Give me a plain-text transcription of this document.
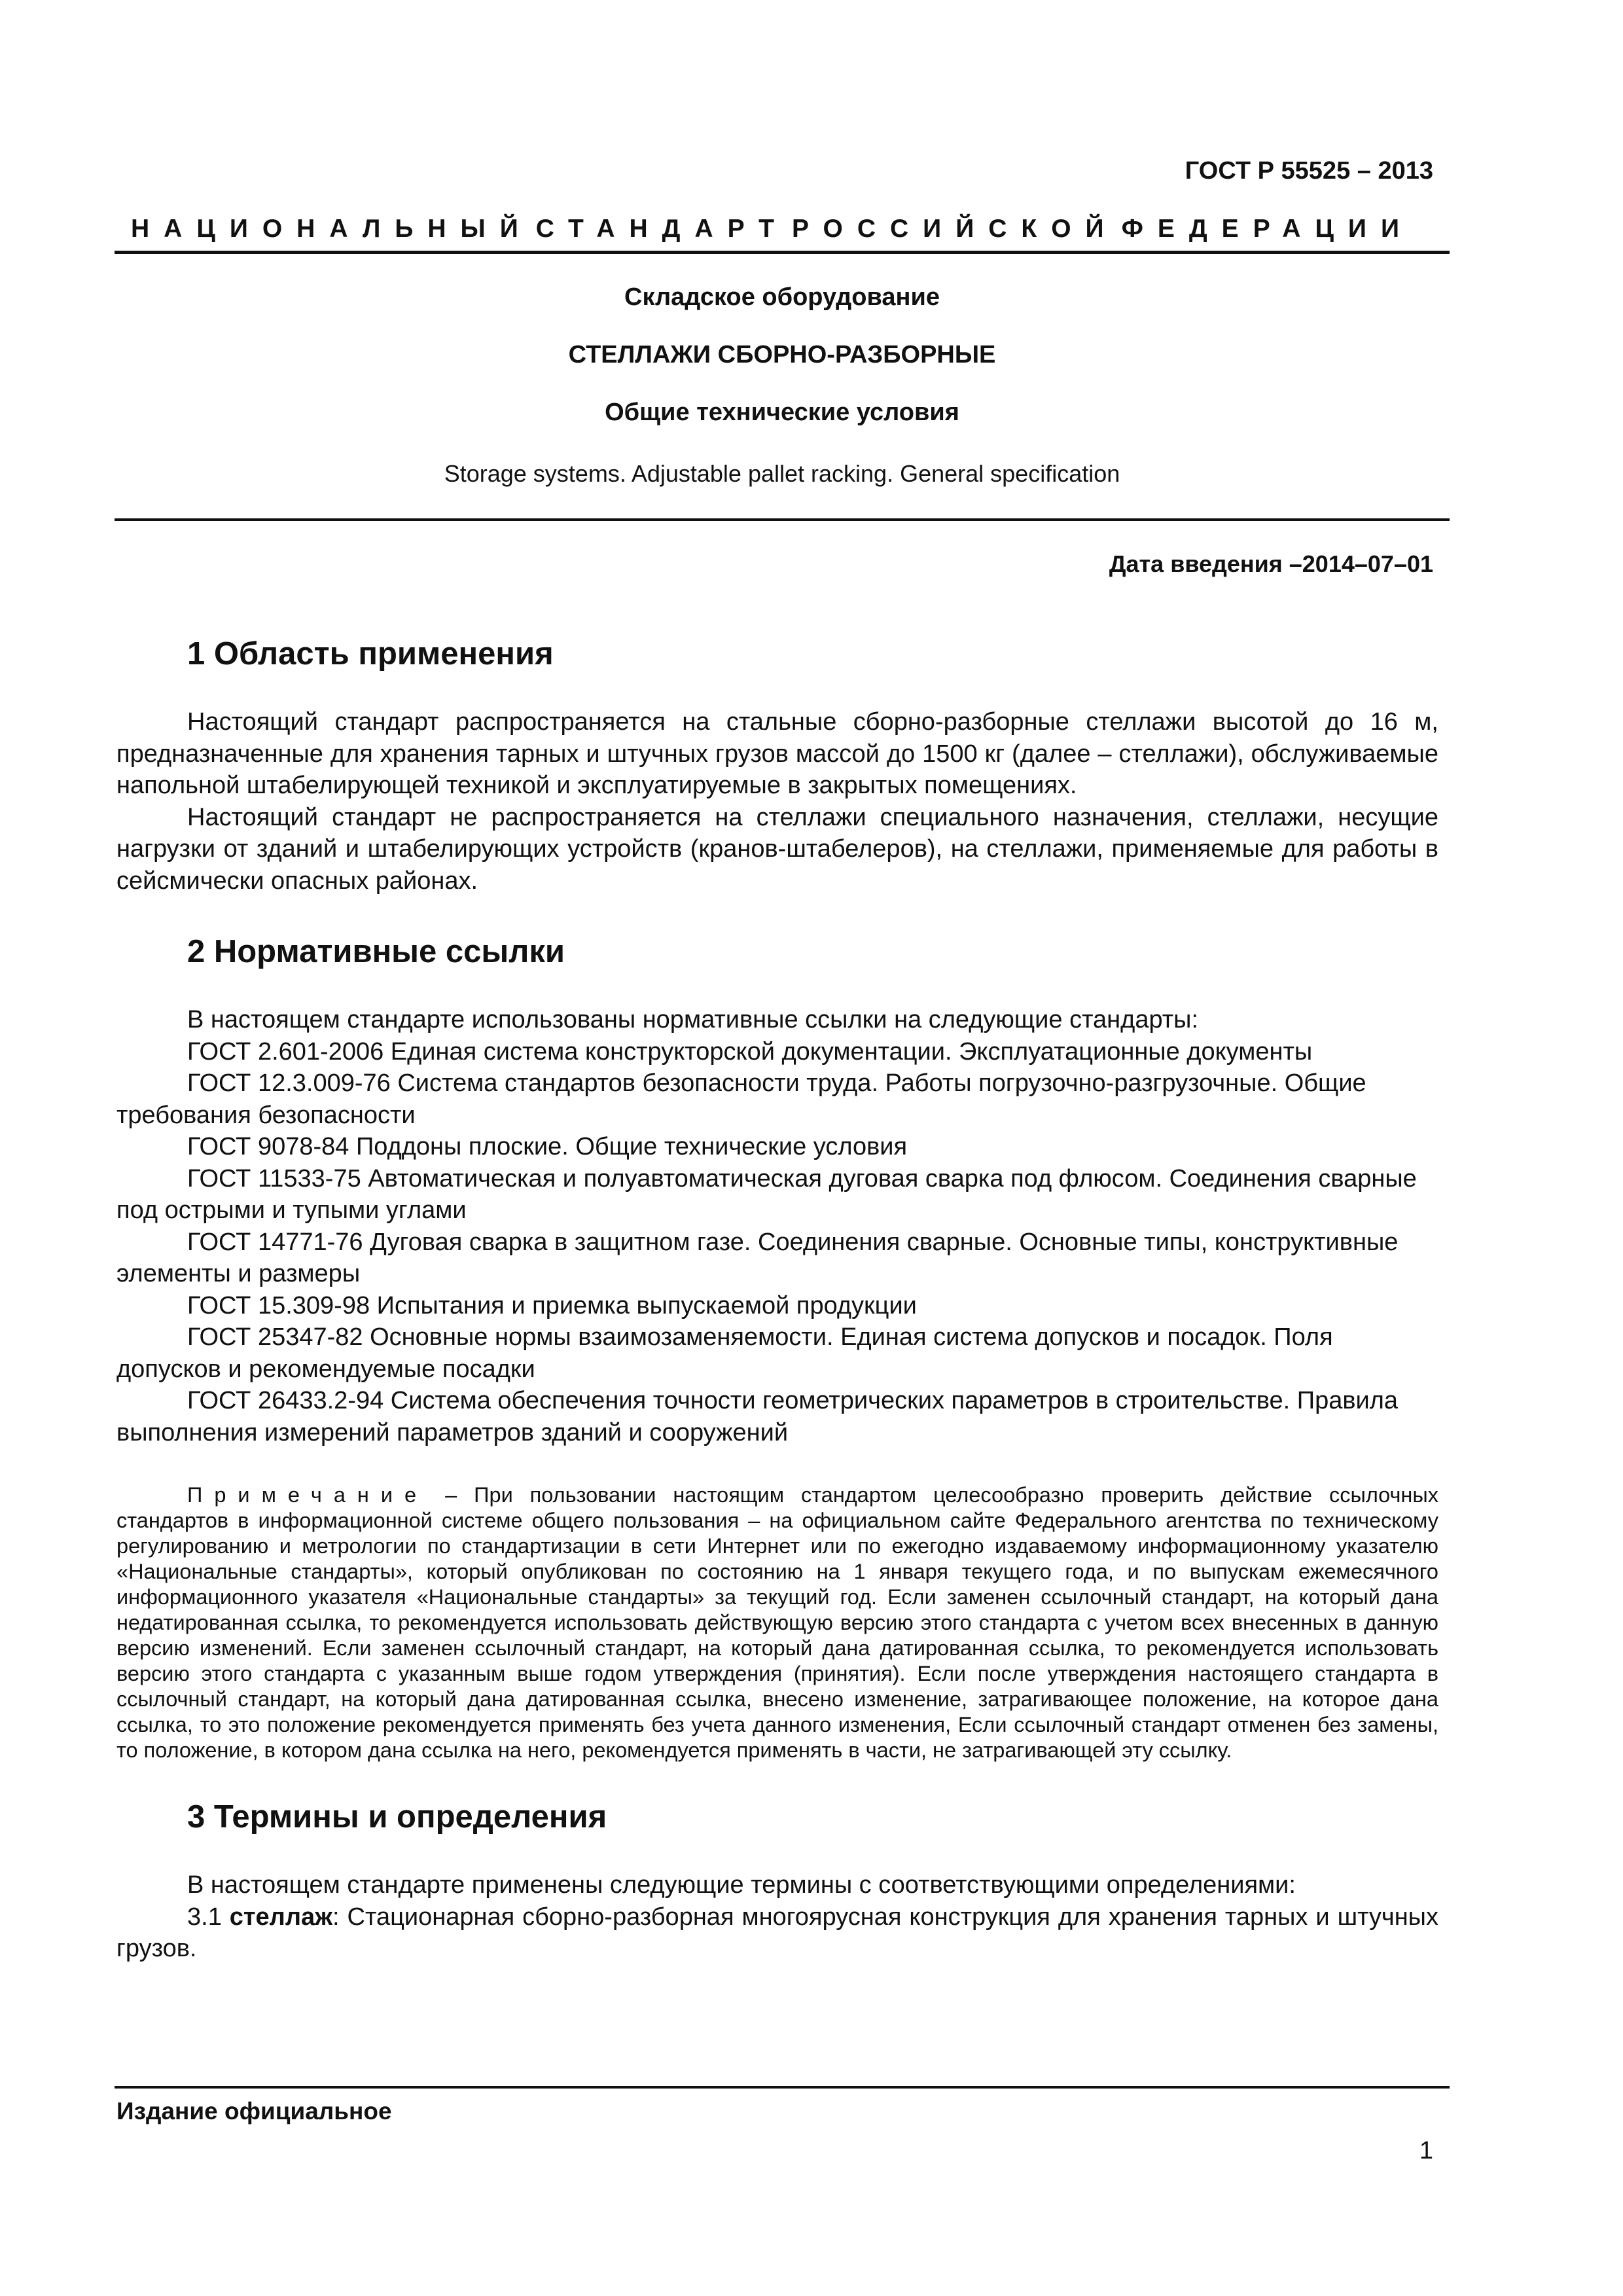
ГОСТ Р 55525 – 2013
НАЦИОНАЛЬНЫЙ СТАНДАРТ РОССИЙСКОЙ ФЕДЕРАЦИИ
Складское оборудование
СТЕЛЛАЖИ СБОРНО-РАЗБОРНЫЕ
Общие технические условия
Storage systems. Adjustable pallet racking. General specification
Дата введения –2014–07–01
1 Область применения

Настоящий стандарт распространяется на стальные сборно-разборные стеллажи высотой до 16 м, предназначенные для хранения тарных и штучных грузов массой до 1500 кг (далее – стеллажи), обслуживаемые напольной штабелирующей техникой и эксплуатируемые в закрытых помещениях.

Настоящий стандарт не распространяется на стеллажи специального назначения, стеллажи, несущие нагрузки от зданий и штабелирующих устройств (кранов-штабелеров), на стеллажи, применяемые для работы в сейсмически опасных районах.

2 Нормативные ссылки

В настоящем стандарте использованы нормативные ссылки на следующие стандарты:

ГОСТ 2.601-2006 Единая система конструкторской документации. Эксплуатационные документы

ГОСТ 12.3.009-76 Система стандартов безопасности труда. Работы погрузочно-разгрузочные. Общие требования безопасности

ГОСТ 9078-84 Поддоны плоские. Общие технические условия

ГОСТ 11533-75 Автоматическая и полуавтоматическая дуговая сварка под флюсом. Соединения сварные под острыми и тупыми углами

ГОСТ 14771-76 Дуговая сварка в защитном газе. Соединения сварные. Основные типы, конструктивные элементы и размеры

ГОСТ 15.309-98 Испытания и приемка выпускаемой продукции

ГОСТ 25347-82 Основные нормы взаимозаменяемости. Единая система допусков и посадок. Поля допусков и рекомендуемые посадки

ГОСТ 26433.2-94 Система обеспечения точности геометрических параметров в строительстве. Правила выполнения измерений параметров зданий и сооружений

Примечание – При пользовании настоящим стандартом целесообразно проверить действие ссылочных стандартов в информационной системе общего пользования – на официальном сайте Федерального агентства по техническому регулированию и метрологии по стандартизации в сети Интернет или по ежегодно издаваемому информационному указателю «Национальные стандарты», который опубликован по состоянию на 1 января текущего года, и по выпускам ежемесячного информационного указателя «Национальные стандарты» за текущий год. Если заменен ссылочный стандарт, на который дана недатированная ссылка, то рекомендуется использовать действующую версию этого стандарта с учетом всех внесенных в данную версию изменений. Если заменен ссылочный стандарт, на который дана датированная ссылка, то рекомендуется использовать версию этого стандарта с указанным выше годом утверждения (принятия). Если после утверждения настоящего стандарта в ссылочный стандарт, на который дана датированная ссылка, внесено изменение, затрагивающее положение, на которое дана ссылка, то это положение рекомендуется применять без учета данного изменения, Если ссылочный стандарт отменен без замены, то положение, в котором дана ссылка на него, рекомендуется применять в части, не затрагивающей эту ссылку.

3 Термины и определения

В настоящем стандарте применены следующие термины с соответствующими определениями:

3.1 стеллаж: Стационарная сборно-разборная многоярусная конструкция для хранения тарных и штучных грузов.

Издание официальное
1
